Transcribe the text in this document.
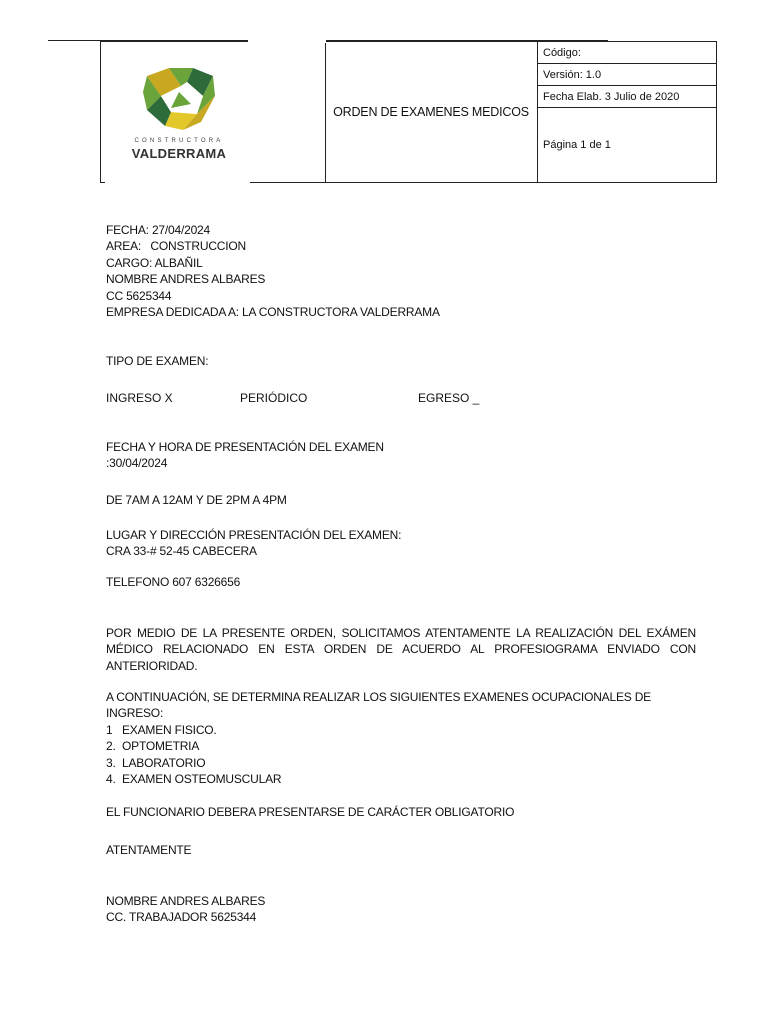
CONSTRUCTORA
VALDERRAMA
ORDEN DE EXAMENES MEDICOS
Código:
Versión: 1.0
Fecha Elab. 3 Julio de 2020
Página 1 de 1
FECHA: 27/04/2024
AREA:   CONSTRUCCION
CARGO: ALBAÑIL
NOMBRE ANDRES ALBARES
CC 5625344
EMPRESA DEDICADA A: LA CONSTRUCTORA VALDERRAMA
TIPO DE EXAMEN:
INGRESO X	PERIÓDICO	EGRESO _
FECHA Y HORA DE PRESENTACIÓN DEL EXAMEN
:30/04/2024
DE 7AM A 12AM Y DE 2PM A 4PM
LUGAR Y DIRECCIÓN PRESENTACIÓN DEL EXAMEN:
CRA 33-# 52-45 CABECERA
TELEFONO 607 6326656
POR MEDIO DE LA PRESENTE ORDEN, SOLICITAMOS ATENTAMENTE LA REALIZACIÓN DEL EXÁMEN MÉDICO RELACIONADO EN ESTA ORDEN DE ACUERDO AL PROFESIOGRAMA ENVIADO CON ANTERIORIDAD.
A CONTINUACIÓN, SE DETERMINA REALIZAR LOS SIGUIENTES EXAMENES OCUPACIONALES DE INGRESO:
1 EXAMEN FISICO.
2. OPTOMETRIA
3. LABORATORIO
4. EXAMEN OSTEOMUSCULAR
EL FUNCIONARIO DEBERA PRESENTARSE DE CARÁCTER OBLIGATORIO
ATENTAMENTE
NOMBRE ANDRES ALBARES
CC. TRABAJADOR 5625344
